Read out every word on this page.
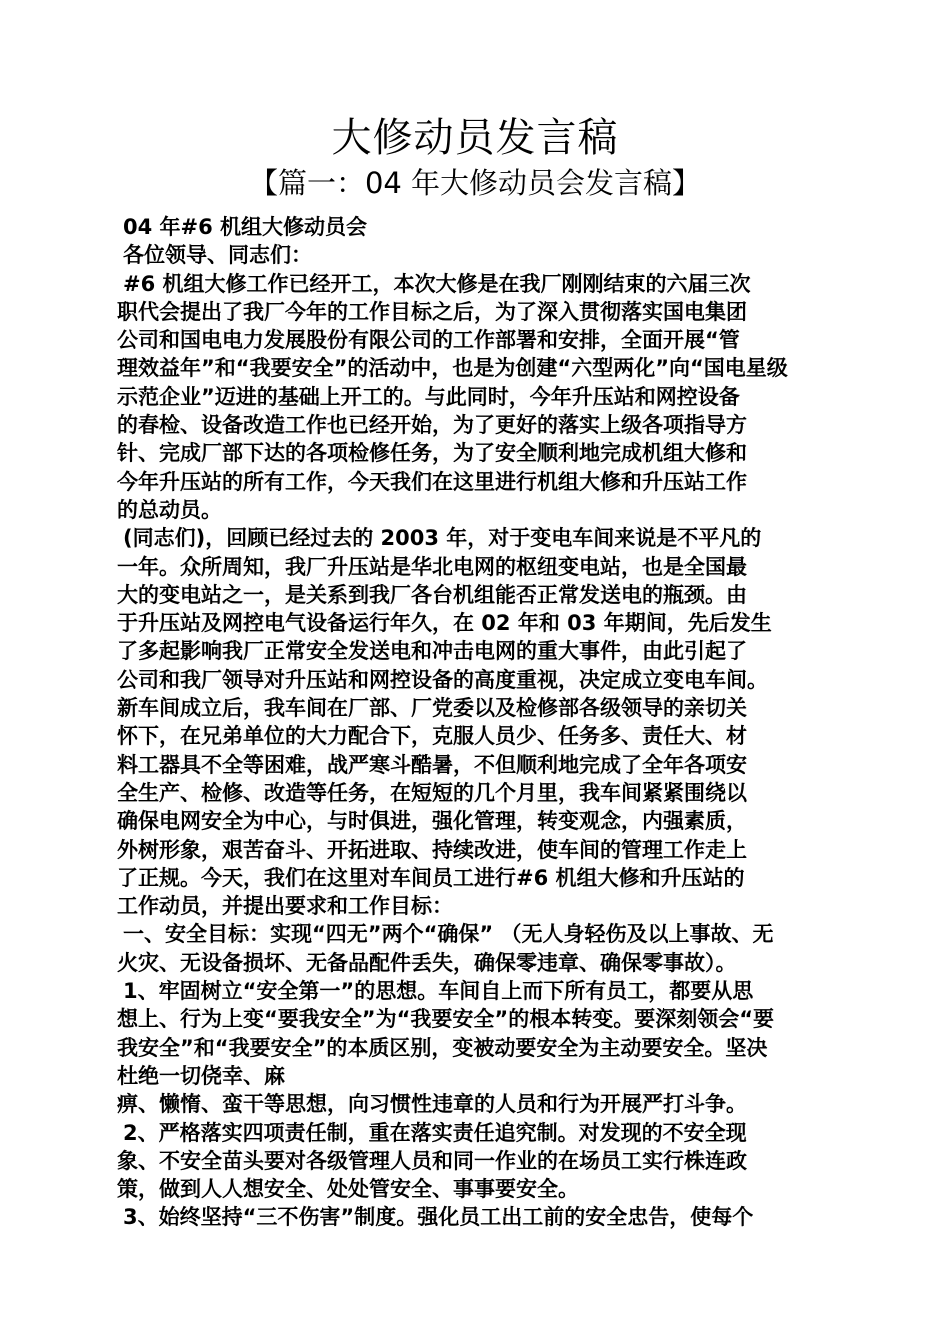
大修动员发言稿
【篇一：04 年大修动员会发言稿】
04 年#6 机组大修动员会
各位领导、同志们：
#6 机组大修工作已经开工，本次大修是在我厂刚刚结束的六届三次
职代会提出了我厂今年的工作目标之后，为了深入贯彻落实国电集团
公司和国电电力发展股份有限公司的工作部署和安排，全面开展“管
理效益年”和“我要安全”的活动中，也是为创建“六型两化”向“国电星级
示范企业”迈进的基础上开工的。与此同时，今年升压站和网控设备
的春检、设备改造工作也已经开始，为了更好的落实上级各项指导方
针、完成厂部下达的各项检修任务，为了安全顺利地完成机组大修和
今年升压站的所有工作，今天我们在这里进行机组大修和升压站工作
的总动员。
(同志们)，回顾已经过去的 2003 年，对于变电车间来说是不平凡的
一年。众所周知，我厂升压站是华北电网的枢纽变电站，也是全国最
大的变电站之一，是关系到我厂各台机组能否正常发送电的瓶颈。由
于升压站及网控电气设备运行年久，在 02 年和 03 年期间，先后发生
了多起影响我厂正常安全发送电和冲击电网的重大事件，由此引起了
公司和我厂领导对升压站和网控设备的高度重视，决定成立变电车间。
新车间成立后，我车间在厂部、厂党委以及检修部各级领导的亲切关
怀下，在兄弟单位的大力配合下，克服人员少、任务多、责任大、材
料工器具不全等困难，战严寒斗酷暑，不但顺利地完成了全年各项安
全生产、检修、改造等任务，在短短的几个月里，我车间紧紧围绕以
确保电网安全为中心，与时俱进，强化管理，转变观念，内强素质，
外树形象，艰苦奋斗、开拓进取、持续改进，使车间的管理工作走上
了正规。今天，我们在这里对车间员工进行#6 机组大修和升压站的
工作动员，并提出要求和工作目标：
一、安全目标：实现“四无”两个“确保” （无人身轻伤及以上事故、无
火灾、无设备损坏、无备品配件丢失，确保零违章、确保零事故）。
1、牢固树立“安全第一”的思想。车间自上而下所有员工，都要从思
想上、行为上变“要我安全”为“我要安全”的根本转变。要深刻领会“要
我安全”和“我要安全”的本质区别，变被动要安全为主动要安全。坚决
杜绝一切侥幸、麻
痹、懒惰、蛮干等思想，向习惯性违章的人员和行为开展严打斗争。
2、严格落实四项责任制，重在落实责任追究制。对发现的不安全现
象、不安全苗头要对各级管理人员和同一作业的在场员工实行株连政
策，做到人人想安全、处处管安全、事事要安全。
3、始终坚持“三不伤害”制度。强化员工出工前的安全忠告，使每个
